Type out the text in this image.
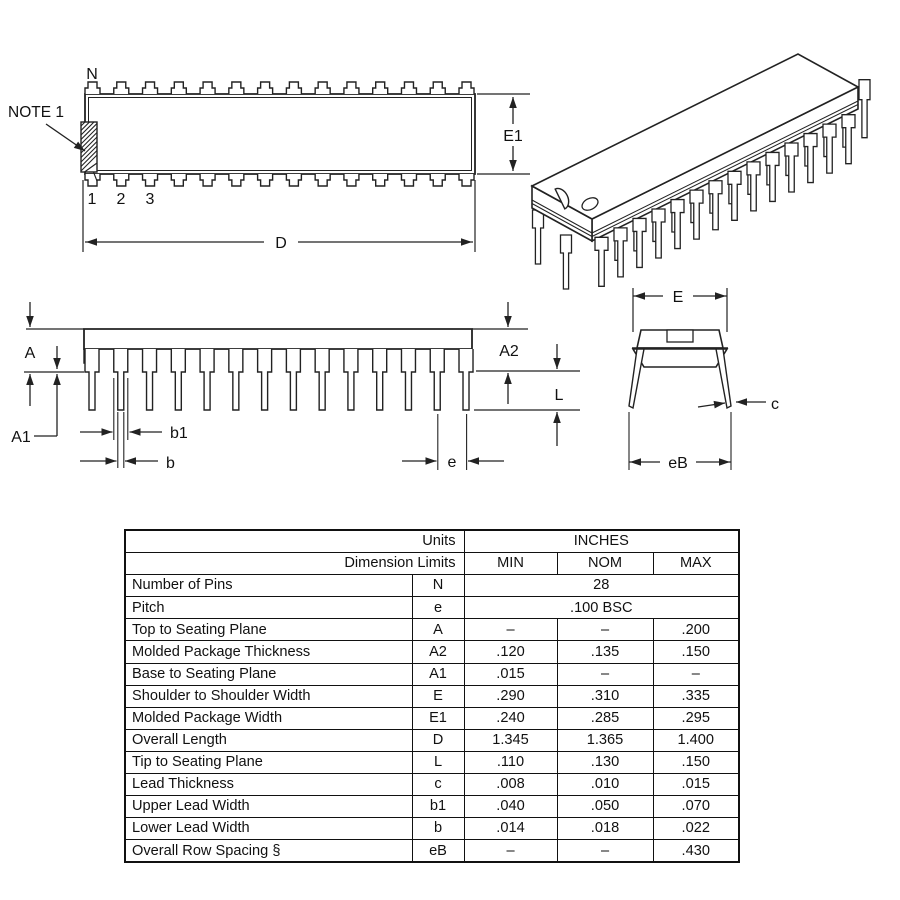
N
NOTE 1
1 2 3
E1
D
A
A1
A2
L
b1
b	e
E
eB
c
Units		INCHES		
Dimension Limits		MIN	NOM	MAX
Number of Pins	N	28		
Pitch	e	.100 BSC		
Top to Seating Plane	A	–	–	.200
Molded Package Thickness	A2	.120	.135	.150
Base to Seating Plane	A1	.015	–	–
Shoulder to Shoulder Width	E	.290	.310	.335
Molded Package Width	E1	.240	.285	.295
Overall Length	D	1.345	1.365	1.400
Tip to Seating Plane	L	.110	.130	.150
Lead Thickness	c	.008	.010	.015
Upper Lead Width	b1	.040	.050	.070
Lower Lead Width	b	.014	.018	.022
Overall Row Spacing §	eB	–	–	.430
